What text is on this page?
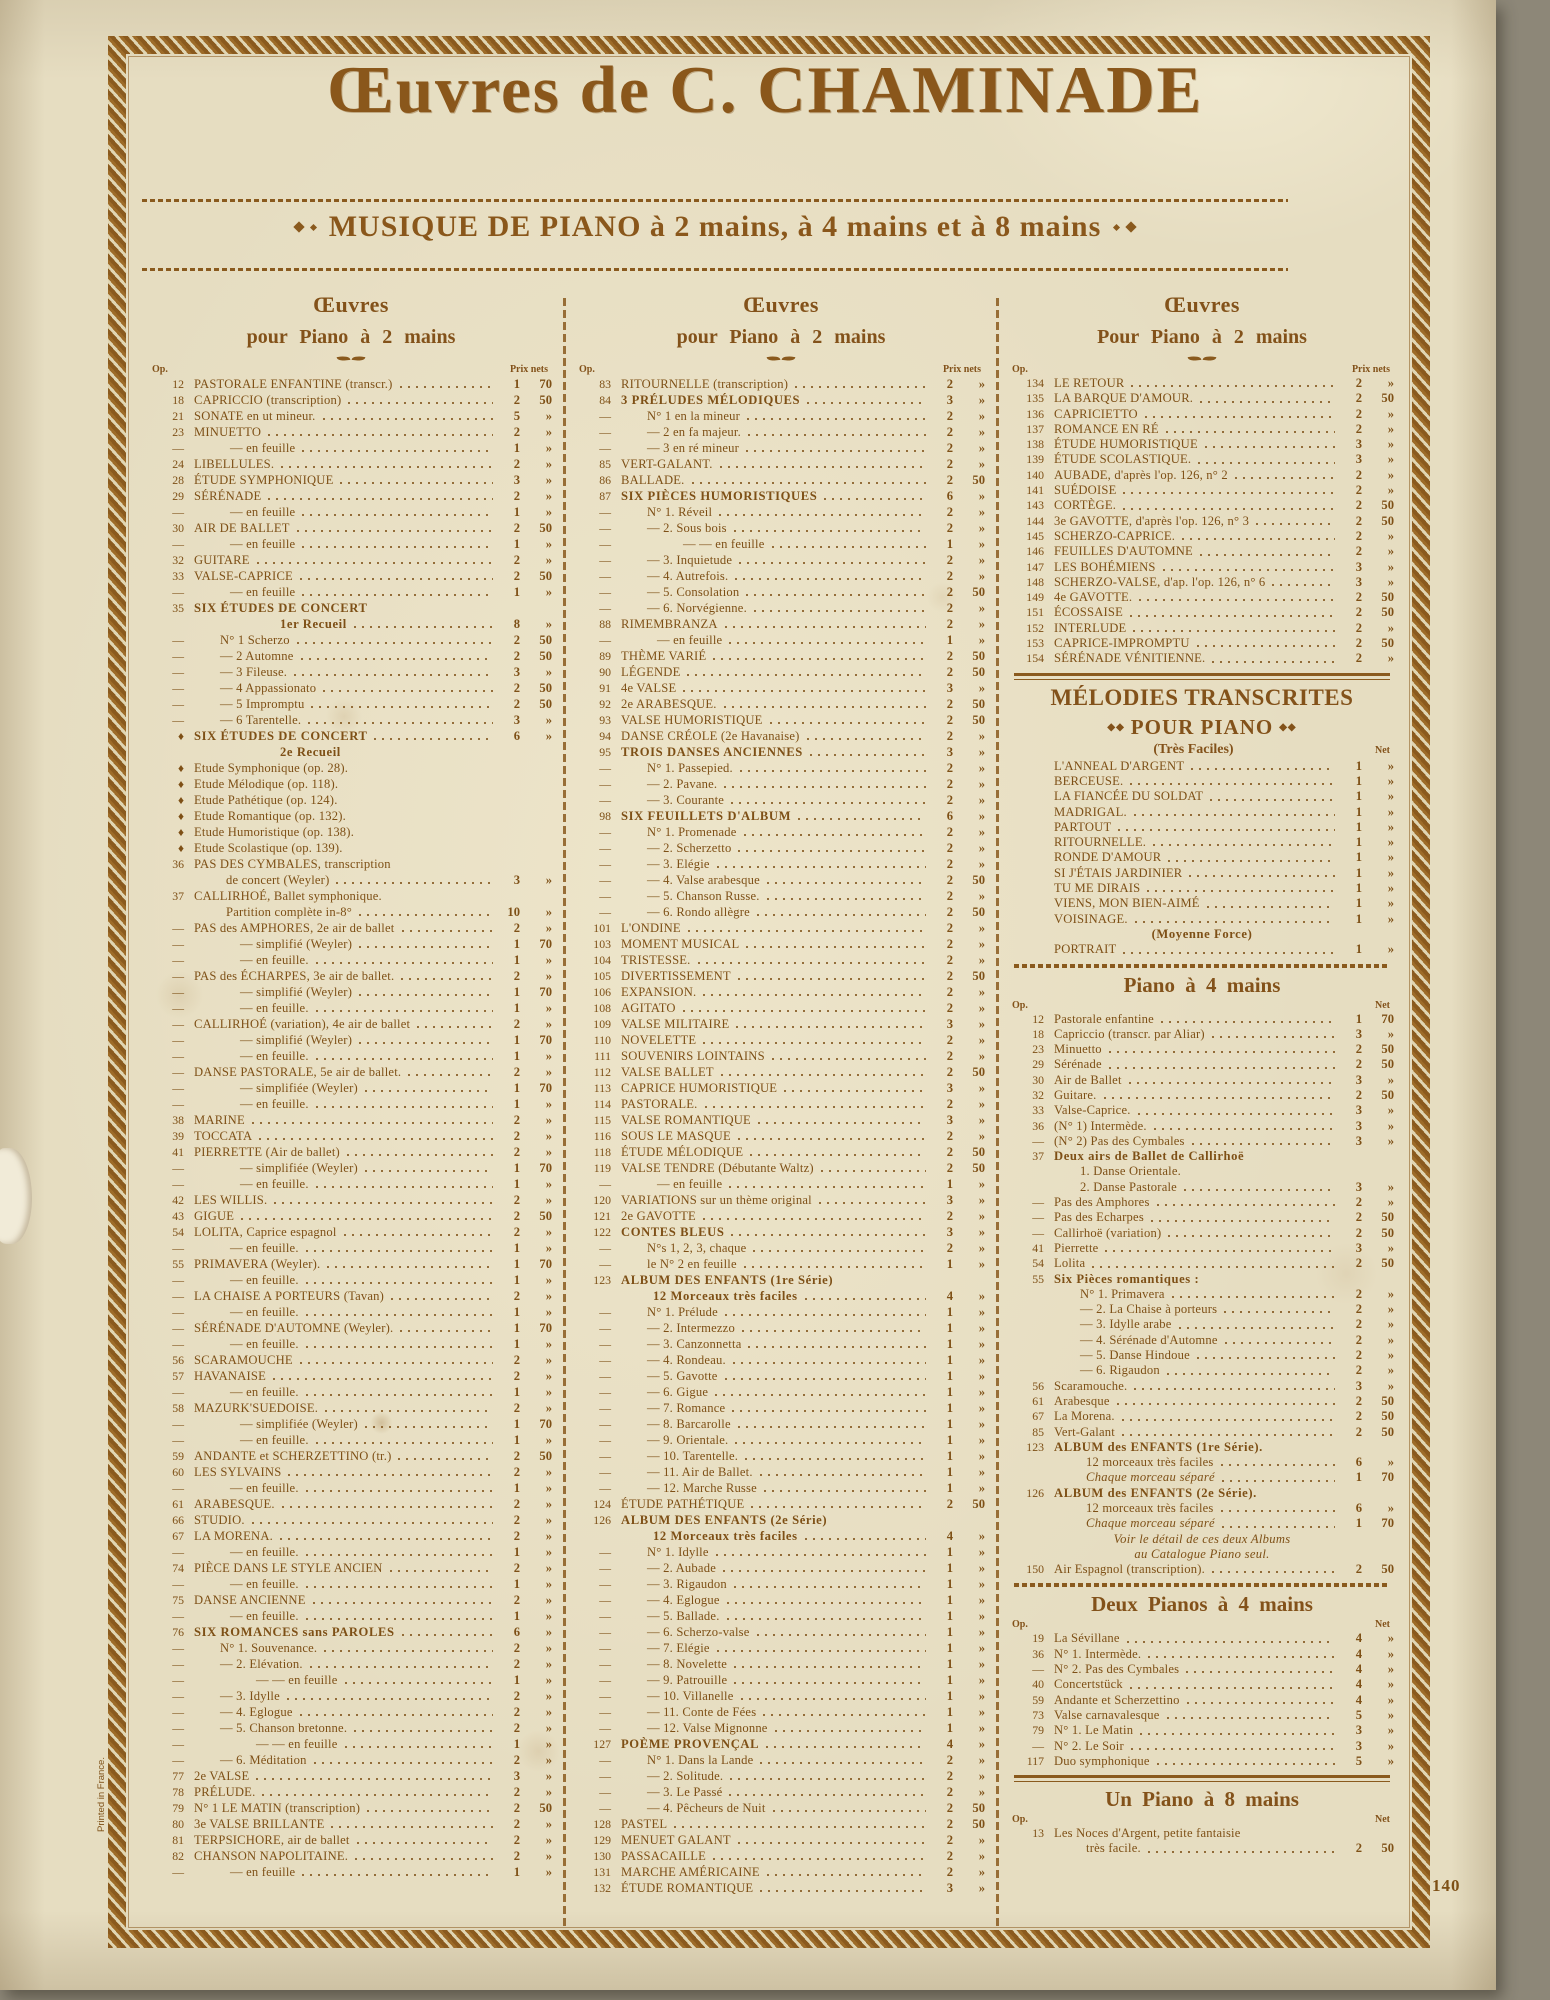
Œuvres de C. CHAMINADE
MUSIQUE DE PIANO à 2 mains, à 4 mains et à 8 mains
Œuvres
pour Piano à 2 mains
Op.	Prix nets
12 PASTORALE ENFANTINE (transcr.)	1	70
18 CAPRICCIO (transcription)	2	50
21 SONATE en ut mineur.	5	»
23 MINUETTO	2	»
—	— en feuille	1	»
24 LIBELLULES.	2	»
28 ÉTUDE SYMPHONIQUE	3	»
29 SÉRÉNADE	2	»
—	— en feuille	1	»
30 AIR DE BALLET	2	50
—	— en feuille	1	»
32 GUITARE	2	»
33 VALSE-CAPRICE	2	50
—	— en feuille	1	»
35 SIX ÉTUDES DE CONCERT
1er Recueil	8	»
—	N° 1 Scherzo	2	50
—	— 2 Automne	2	50
—	— 3 Fileuse.	3	»
—	— 4 Appassionato	2	50
—	— 5 Impromptu	2	50
—	— 6 Tarentelle.	3	»
♦ SIX ÉTUDES DE CONCERT	6	»
2e Recueil
♦ Etude Symphonique (op. 28).
♦ Etude Mélodique (op. 118).
♦ Etude Pathétique (op. 124).
♦ Etude Romantique (op. 132).
♦ Etude Humoristique (op. 138).
♦ Etude Scolastique (op. 139).
36 PAS DES CYMBALES, transcription
de concert (Weyler)	3	»
37 CALLIRHOÉ, Ballet symphonique.
Partition complète in-8°	10	»
— PAS des AMPHORES, 2e air de ballet	2	»
—	— simplifié (Weyler)	1	70
—	— en feuille.	1	»
— PAS des ÉCHARPES, 3e air de ballet.	2	»
—	— simplifié (Weyler)	1	70
—	— en feuille.	1	»
— CALLIRHOÉ (variation), 4e air de ballet	2	»
—	— simplifié (Weyler)	1	70
—	— en feuille.	1	»
— DANSE PASTORALE, 5e air de ballet.	2	»
—	— simplifiée (Weyler)	1	70
—	— en feuille.	1	»
38 MARINE	2	»
39 TOCCATA	2	»
41 PIERRETTE (Air de ballet)	2	»
—	— simplifiée (Weyler)	1	70
—	— en feuille.	1	»
42 LES WILLIS.	2	»
43 GIGUE	2	50
54 LOLITA, Caprice espagnol	2	»
—	— en feuille.	1	»
55 PRIMAVERA (Weyler).	1	70
—	— en feuille.	1	»
— LA CHAISE A PORTEURS (Tavan)	2	»
—	— en feuille.	1	»
— SÉRÉNADE D'AUTOMNE (Weyler).	1	70
—	— en feuille.	1	»
56 SCARAMOUCHE	2	»
57 HAVANAISE	2	»
—	— en feuille.	1	»
58 MAZURK'SUEDOISE.	2	»
—	— simplifiée (Weyler)	1	70
—	— en feuille.	1	»
59 ANDANTE et SCHERZETTINO (tr.)	2	50
60 LES SYLVAINS	2	»
—	— en feuille.	1	»
61 ARABESQUE.	2	»
66 STUDIO.	2	»
67 LA MORENA.	2	»
—	— en feuille.	1	»
74 PIÈCE DANS LE STYLE ANCIEN	2	»
—	— en feuille.	1	»
75 DANSE ANCIENNE	2	»
—	— en feuille.	1	»
76 SIX ROMANCES sans PAROLES	6	»
—	N° 1. Souvenance.	2	»
—	— 2. Elévation.	2	»
—	— — en feuille	1	»
—	— 3. Idylle	2	»
—	— 4. Eglogue	2	»
—	— 5. Chanson bretonne.	2	»
—	— — en feuille	1	»
—	— 6. Méditation	2	»
77 2e VALSE	3	»
78 PRÉLUDE.	2	»
79 N° 1 LE MATIN (transcription)	2	50
80 3e VALSE BRILLANTE	2	»
81 TERPSICHORE, air de ballet	2	»
82 CHANSON NAPOLITAINE.	2	»
—	— en feuille	1	»
Œuvres
pour Piano à 2 mains
Op.	Prix nets
83 RITOURNELLE (transcription)	2	»
84 3 PRÉLUDES MÉLODIQUES	3	»
—	N° 1 en la mineur	2	»
—	— 2 en fa majeur.	2	»
—	— 3 en ré mineur	2	»
85 VERT-GALANT.	2	»
86 BALLADE.	2	50
87 SIX PIÈCES HUMORISTIQUES	6	»
—	N° 1. Réveil	2	»
—	— 2. Sous bois	2	»
—	— — en feuille	1	»
—	— 3. Inquietude	2	»
—	— 4. Autrefois.	2	»
—	— 5. Consolation	2	50
—	— 6. Norvégienne.	2	»
88 RIMEMBRANZA	2	»
—	— en feuille	1	»
89 THÈME VARIÉ	2	50
90 LÉGENDE	2	50
91 4e VALSE	3	»
92 2e ARABESQUE.	2	50
93 VALSE HUMORISTIQUE	2	50
94 DANSE CRÉOLE (2e Havanaise)	2	»
95 TROIS DANSES ANCIENNES	3	»
—	N° 1. Passepied.	2	»
—	— 2. Pavane.	2	»
—	— 3. Courante	2	»
98 SIX FEUILLETS D'ALBUM	6	»
—	N° 1. Promenade	2	»
—	— 2. Scherzetto	2	»
—	— 3. Elégie	2	»
—	— 4. Valse arabesque	2	50
—	— 5. Chanson Russe.	2	»
—	— 6. Rondo allègre	2	50
101 L'ONDINE	2	»
103 MOMENT MUSICAL	2	»
104 TRISTESSE.	2	»
105 DIVERTISSEMENT	2	50
106 EXPANSION.	2	»
108 AGITATO	2	»
109 VALSE MILITAIRE	3	»
110 NOVELETTE	2	»
111 SOUVENIRS LOINTAINS	2	»
112 VALSE BALLET	2	50
113 CAPRICE HUMORISTIQUE	3	»
114 PASTORALE.	2	»
115 VALSE ROMANTIQUE	3	»
116 SOUS LE MASQUE	2	»
118 ÉTUDE MÉLODIQUE	2	50
119 VALSE TENDRE (Débutante Waltz)	2	50
—	— en feuille	1	»
120 VARIATIONS sur un thème original	3	»
121 2e GAVOTTE	2	»
122 CONTES BLEUS	3	»
—	N°s 1, 2, 3, chaque	2	»
—	le N° 2 en feuille	1	»
123 ALBUM DES ENFANTS (1re Série)
12 Morceaux très faciles	4	»
—	N° 1. Prélude	1	»
—	— 2. Intermezzo	1	»
—	— 3. Canzonnetta	1	»
—	— 4. Rondeau.	1	»
—	— 5. Gavotte	1	»
—	— 6. Gigue	1	»
—	— 7. Romance	1	»
—	— 8. Barcarolle	1	»
—	— 9. Orientale.	1	»
—	— 10. Tarentelle.	1	»
—	— 11. Air de Ballet.	1	»
—	— 12. Marche Russe	1	»
124 ÉTUDE PATHÉTIQUE	2	50
126 ALBUM DES ENFANTS (2e Série)
12 Morceaux très faciles	4	»
—	N° 1. Idylle	1	»
—	— 2. Aubade	1	»
—	— 3. Rigaudon	1	»
—	— 4. Eglogue	1	»
—	— 5. Ballade.	1	»
—	— 6. Scherzo-valse	1	»
—	— 7. Elégie	1	»
—	— 8. Novelette	1	»
—	— 9. Patrouille	1	»
—	— 10. Villanelle	1	»
—	— 11. Conte de Fées	1	»
—	— 12. Valse Mignonne	1	»
127 POÈME PROVENÇAL	4	»
—	N° 1. Dans la Lande	2	»
—	— 2. Solitude.	2	»
—	— 3. Le Passé	2	»
—	— 4. Pêcheurs de Nuit	2	50
128 PASTEL	2	50
129 MENUET GALANT	2	»
130 PASSACAILLE	2	»
131 MARCHE AMÉRICAINE	2	»
132 ÉTUDE ROMANTIQUE	3	»
Œuvres
Pour Piano à 2 mains
Op.	Prix nets
134 LE RETOUR	2	»
135 LA BARQUE D'AMOUR.	2	50
136 CAPRICIETTO	2	»
137 ROMANCE EN RÉ	2	»
138 ÉTUDE HUMORISTIQUE	3	»
139 ÉTUDE SCOLASTIQUE.	3	»
140 AUBADE, d'après l'op. 126, n° 2	2	»
141 SUÉDOISE	2	»
143 CORTÈGE.	2	50
144 3e GAVOTTE, d'après l'op. 126, n° 3	2	50
145 SCHERZO-CAPRICE.	2	»
146 FEUILLES D'AUTOMNE	2	»
147 LES BOHÉMIENS	3	»
148 SCHERZO-VALSE, d'ap. l'op. 126, n° 6	3	»
149 4e GAVOTTE.	2	50
151 ÉCOSSAISE	2	50
152 INTERLUDE	2	»
153 CAPRICE-IMPROMPTU	2	50
154 SÉRÉNADE VÉNITIENNE.	2	»
MÉLODIES TRANSCRITES
◆◆ POUR PIANO ◆◆
(Très Faciles)	Net
L'ANNEAL D'ARGENT	1	»
BERCEUSE.	1	»
LA FIANCÉE DU SOLDAT	1	»
MADRIGAL.	1	»
PARTOUT	1	»
RITOURNELLE.	1	»
RONDE D'AMOUR	1	»
SI J'ÉTAIS JARDINIER	1	»
TU ME DIRAIS	1	»
VIENS, MON BIEN-AIMÉ	1	»
VOISINAGE.	1	»
(Moyenne Force)
PORTRAIT	1	»
Piano à 4 mains
Op.	Net
12 Pastorale enfantine	1	70
18 Capriccio (transcr. par Aliar)	3	»
23 Minuetto	2	50
29 Sérénade	2	50
30 Air de Ballet	3	»
32 Guitare.	2	50
33 Valse-Caprice.	3	»
36 (N° 1) Intermède.	3	»
— (N° 2) Pas des Cymbales	3	»
37 Deux airs de Ballet de Callirhoë
1. Danse Orientale.
2. Danse Pastorale	3	»
— Pas des Amphores	2	»
— Pas des Echarpes	2	50
— Callirhoë (variation)	2	50
41 Pierrette	3	»
54 Lolita	2	50
55 Six Pièces romantiques :
N° 1. Primavera	2	»
— 2. La Chaise à porteurs	2	»
— 3. Idylle arabe	2	»
— 4. Sérénade d'Automne	2	»
— 5. Danse Hindoue	2	»
— 6. Rigaudon	2	»
56 Scaramouche.	3	»
61 Arabesque	2	50
67 La Morena.	2	50
85 Vert-Galant	2	50
123 ALBUM des ENFANTS (1re Série).
12 morceaux très faciles	6	»
Chaque morceau séparé	1	70
126 ALBUM des ENFANTS (2e Série).
12 morceaux très faciles	6	»
Chaque morceau séparé	1	70
Voir le détail de ces deux Albums
au Catalogue Piano seul.
150 Air Espagnol (transcription).	2	50
Deux Pianos à 4 mains
Op.	Net
19 La Sévillane	4	»
36 N° 1. Intermède.	4	»
— N° 2. Pas des Cymbales	4	»
40 Concertstück	4	»
59 Andante et Scherzettino	4	»
73 Valse carnavalesque	5	»
79 N° 1. Le Matin	3	»
— N° 2. Le Soir	3	»
117 Duo symphonique	5	»
Un Piano à 8 mains
Op.	Net
13 Les Noces d'Argent, petite fantaisie
très facile.	2	50
140
Printed in France.
